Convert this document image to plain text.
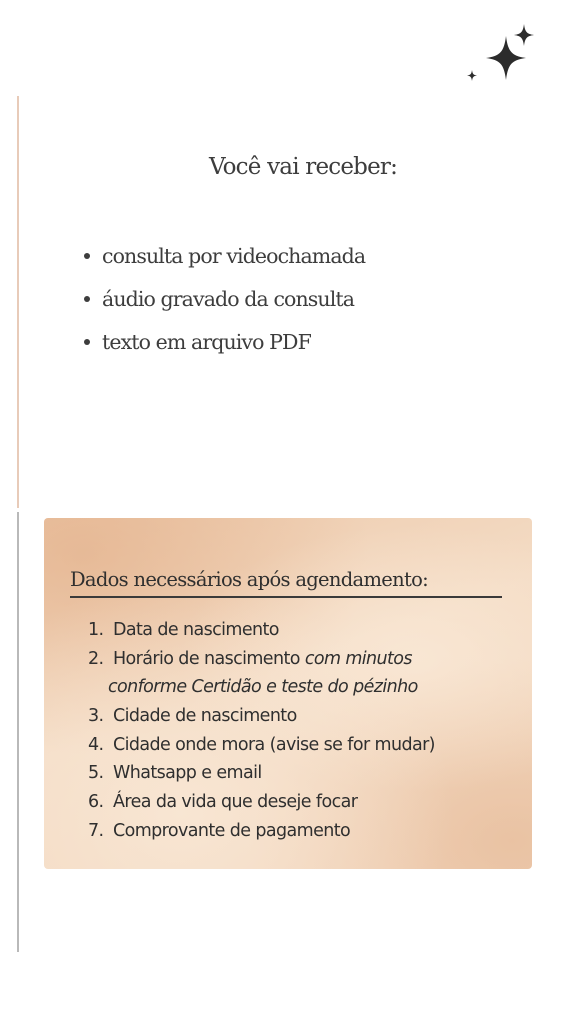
Você vai receber:
consulta por videochamada
áudio gravado da consulta
texto em arquivo PDF
Dados necessários após agendamento:
1. Data de nascimento
2. Horário de nascimento com minutos
conforme Certidão e teste do pézinho
3. Cidade de nascimento
4. Cidade onde mora (avise se for mudar)
5. Whatsapp e email
6. Área da vida que deseje focar
7. Comprovante de pagamento
